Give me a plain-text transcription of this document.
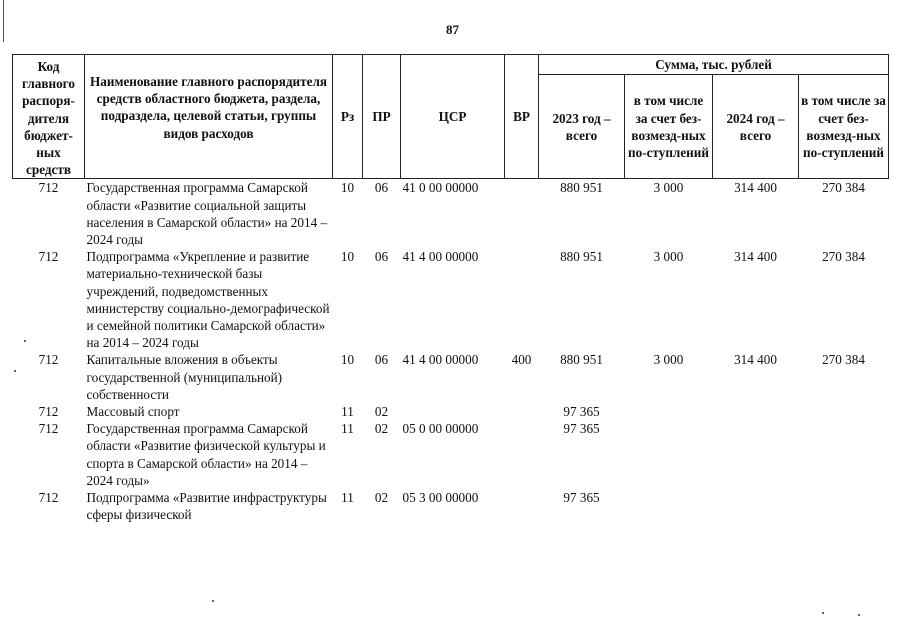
87
Код главного распоря-дителя бюджет-ных средств	Наименование главного распорядителя средств областного бюджета, раздела, подраздела, целевой статьи, группы видов расходов	Рз	ПР	ЦСР	ВР	Сумма, тыс. рублей			
						2023 год – всего	в том числе за счет без-возмезд-ных по-ступлений	2024 год – всего	в том числе за счет без-возмезд-ных по-ступлений
712	Государственная программа Самарской области «Развитие социальной защиты населения в Самарской области» на 2014 – 2024 годы	10	06	41 0 00 00000		880 951	3 000	314 400	270 384
712	Подпрограмма «Укрепление и развитие материально-технической базы учреждений, подведомственных министерству социально-демографической и семейной политики Самарской области» на 2014 – 2024 годы	10	06	41 4 00 00000		880 951	3 000	314 400	270 384
712	Капитальные вложения в объекты государственной (муниципальной) собственности	10	06	41 4 00 00000	400	880 951	3 000	314 400	270 384
712	Массовый спорт	11	02			97 365			
712	Государственная программа Самарской области «Развитие физической культуры и спорта в Самарской области» на 2014 – 2024 годы»	11	02	05 0 00 00000		97 365			
712	Подпрограмма «Развитие инфраструктуры сферы физической	11	02	05 3 00 00000		97 365			
